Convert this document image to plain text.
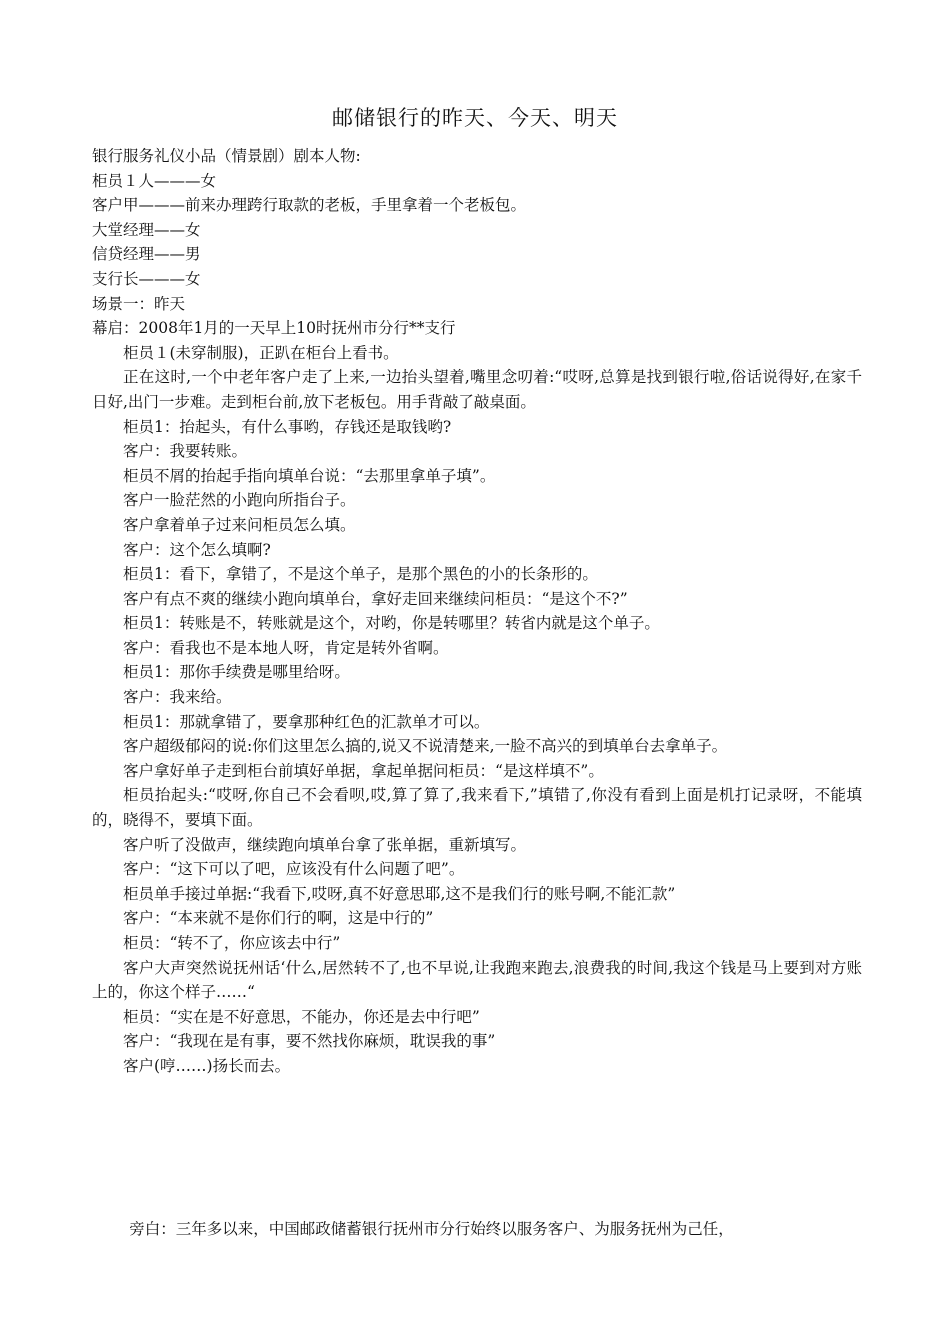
邮储银行的昨天、今天、明天

银行服务礼仪小品（情景剧）剧本人物:

柜员１人———女

客户甲———前来办理跨行取款的老板，手里拿着一个老板包。

大堂经理——女

信贷经理——男

支行长———女

场景一：昨天

幕启：2008年1月的一天早上10时抚州市分行**支行

柜员１(未穿制服)，正趴在柜台上看书。

正在这时,一个中老年客户走了上来,一边抬头望着,嘴里念叨着:“哎呀,总算是找到银行啦,俗话说得好,在家千日好,出门一步难。走到柜台前,放下老板包。用手背敲了敲桌面。

柜员1：抬起头，有什么事哟，存钱还是取钱哟?

客户：我要转账。

柜员不屑的抬起手指向填单台说：“去那里拿单子填”。

客户一脸茫然的小跑向所指台子。

客户拿着单子过来问柜员怎么填。

客户：这个怎么填啊?

柜员1：看下，拿错了，不是这个单子，是那个黑色的小的长条形的。

客户有点不爽的继续小跑向填单台，拿好走回来继续问柜员：“是这个不?”

柜员1：转账是不，转账就是这个，对哟，你是转哪里？转省内就是这个单子。

客户：看我也不是本地人呀，肯定是转外省啊。

柜员1：那你手续费是哪里给呀。

客户：我来给。

柜员1：那就拿错了，要拿那种红色的汇款单才可以。

客户超级郁闷的说:你们这里怎么搞的,说又不说清楚来,一脸不高兴的到填单台去拿单子。

客户拿好单子走到柜台前填好单据，拿起单据问柜员：“是这样填不”。

柜员抬起头:“哎呀,你自己不会看呗,哎,算了算了,我来看下,”填错了,你没有看到上面是机打记录呀，不能填的，晓得不，要填下面。

客户听了没做声，继续跑向填单台拿了张单据，重新填写。

客户：“这下可以了吧，应该没有什么问题了吧”。

柜员单手接过单据:“我看下,哎呀,真不好意思耶,这不是我们行的账号啊,不能汇款”

客户：“本来就不是你们行的啊，这是中行的”

柜员：“转不了，你应该去中行”

客户大声突然说抚州话‘什么,居然转不了,也不早说,让我跑来跑去,浪费我的时间,我这个钱是马上要到对方账上的，你这个样子……“

柜员：“实在是不好意思，不能办，你还是去中行吧”

客户：“我现在是有事，要不然找你麻烦，耽误我的事”

客户(哼……)扬长而去。

旁白：三年多以来，中国邮政储蓄银行抚州市分行始终以服务客户、为服务抚州为己任，
